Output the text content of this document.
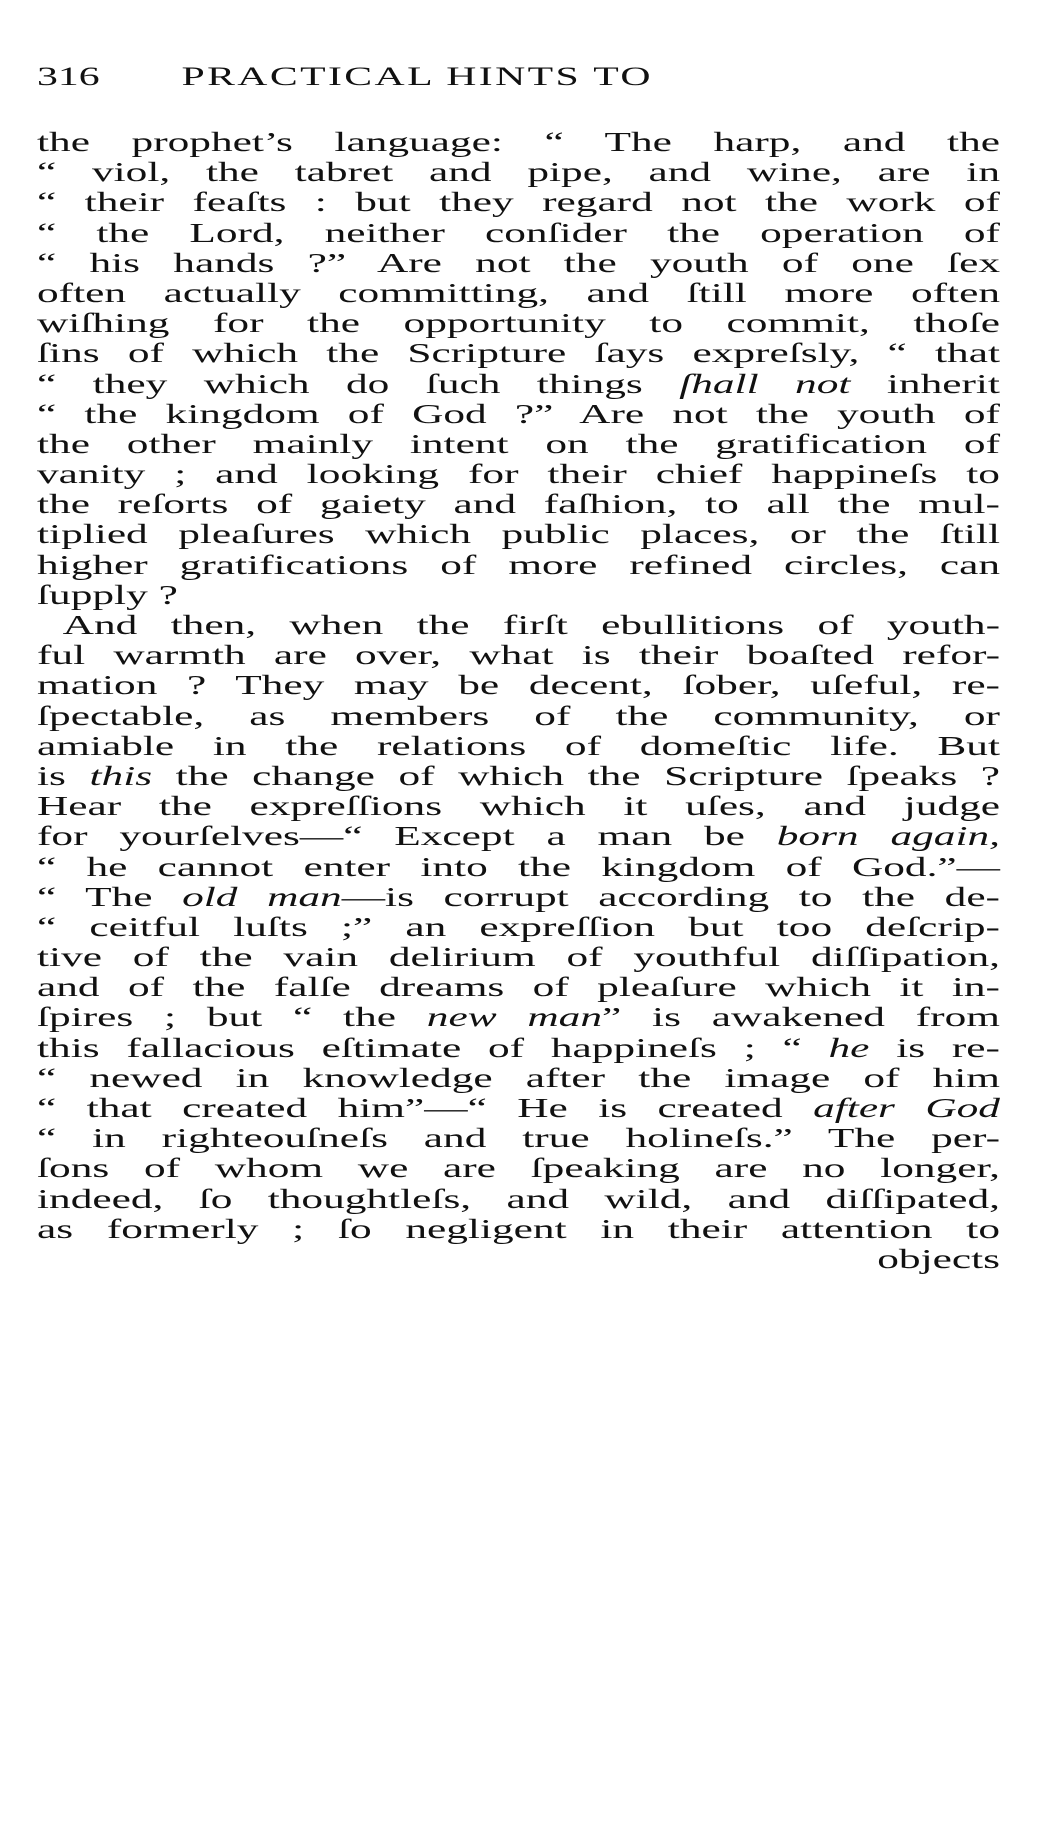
316	PRACTICAL HINTS TO
the prophet’s language: “ The harp, and the
“ viol, the tabret and pipe, and wine, are in
“ their feaſts : but they regard not the work of
“ the Lord, neither conſider the operation of
“ his hands ?” Are not the youth of one ſex
often actually committing, and ſtill more often
wiſhing for the opportunity to commit, thoſe
ſins of which the Scripture ſays expreſsly, “ that
“ they which do ſuch things ſhall not inherit
“ the kingdom of God ?” Are not the youth of
the other mainly intent on the gratification of
vanity ; and looking for their chief happineſs to
the reſorts of gaiety and faſhion, to all the mul-
tiplied pleaſures which public places, or the ſtill
higher gratifications of more refined circles, can
ſupply ?
And then, when the firſt ebullitions of youth-
ful warmth are over, what is their boaſted refor-
mation ? They may be decent, ſober, uſeful, re-
ſpectable, as members of the community, or
amiable in the relations of domeſtic life. But
is this the change of which the Scripture ſpeaks ?
Hear the expreſſions which it uſes, and judge
for yourſelves—“ Except a man be born again,
“ he cannot enter into the kingdom of God.”—
“ The old man—is corrupt according to the de-
“ ceitful luſts ;” an expreſſion but too deſcrip-
tive of the vain delirium of youthful diſſipation,
and of the falſe dreams of pleaſure which it in-
ſpires ; but “ the new man” is awakened from
this fallacious eſtimate of happineſs ; “ he is re-
“ newed in knowledge after the image of him
“ that created him”—“ He is created after God
“ in righteouſneſs and true holineſs.” The per-
ſons of whom we are ſpeaking are no longer,
indeed, ſo thoughtleſs, and wild, and diſſipated,
as formerly ; ſo negligent in their attention to
objects
